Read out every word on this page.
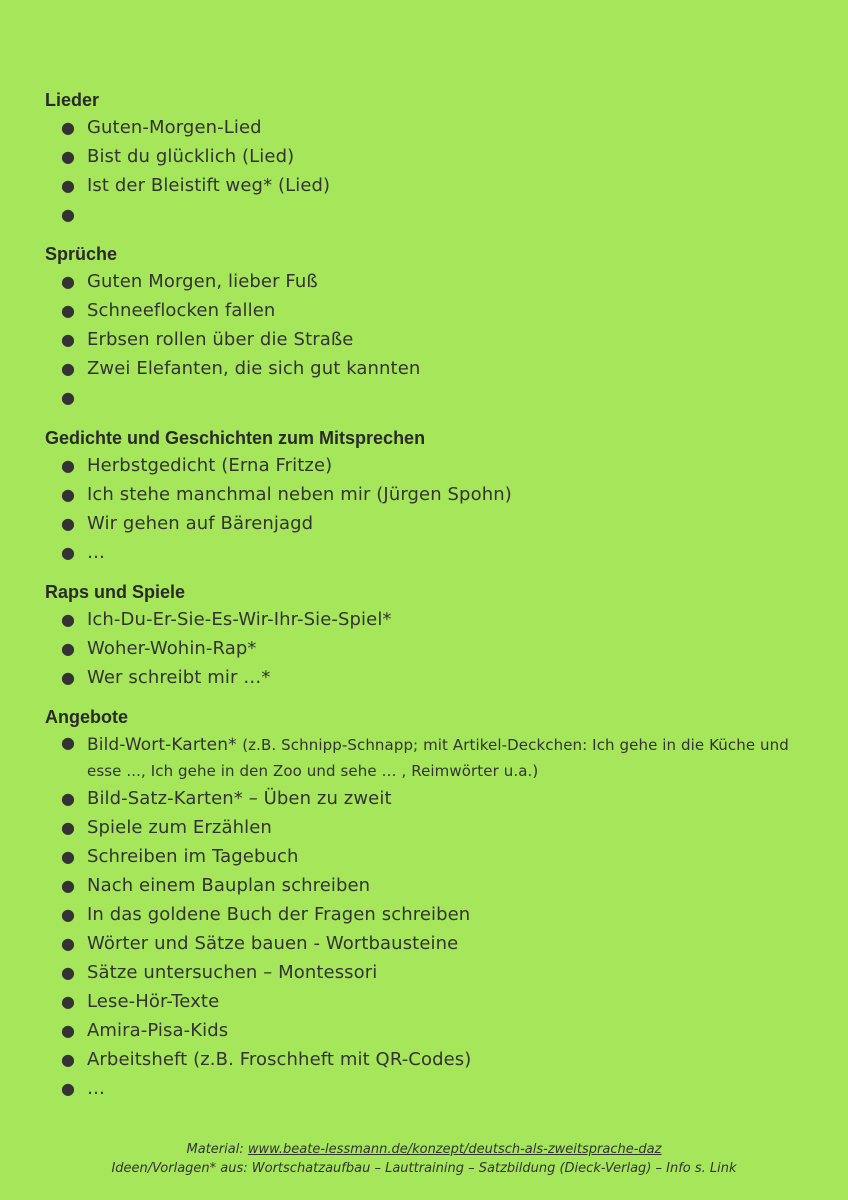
Lieder
● Guten-Morgen-Lied
● Bist du glücklich (Lied)
● Ist der Bleistift weg* (Lied)
●

Sprüche
● Guten Morgen, lieber Fuß
● Schneeflocken fallen
● Erbsen rollen über die Straße
● Zwei Elefanten, die sich gut kannten
●

Gedichte und Geschichten zum Mitsprechen
● Herbstgedicht (Erna Fritze)
● Ich stehe manchmal neben mir (Jürgen Spohn)
● Wir gehen auf Bärenjagd
● …
Raps und Spiele
● Ich-Du-Er-Sie-Es-Wir-Ihr-Sie-Spiel*
● Woher-Wohin-Rap*
● Wer schreibt mir …*
Angebote
● Bild-Wort-Karten* (z.B. Schnipp-Schnapp; mit Artikel-Deckchen: Ich gehe in die Küche und esse ..., Ich gehe in den Zoo und sehe … , Reimwörter u.a.)
● Bild-Satz-Karten* – Üben zu zweit
● Spiele zum Erzählen
● Schreiben im Tagebuch
● Nach einem Bauplan schreiben
● In das goldene Buch der Fragen schreiben
● Wörter und Sätze bauen - Wortbausteine
● Sätze untersuchen – Montessori
● Lese-Hör-Texte
● Amira-Pisa-Kids
● Arbeitsheft (z.B. Froschheft mit QR-Codes)
● …
Material: www.beate-lessmann.de/konzept/deutsch-als-zweitsprache-daz
Ideen/Vorlagen* aus: Wortschatzaufbau – Lauttraining – Satzbildung (Dieck-Verlag) – Info s. Link
